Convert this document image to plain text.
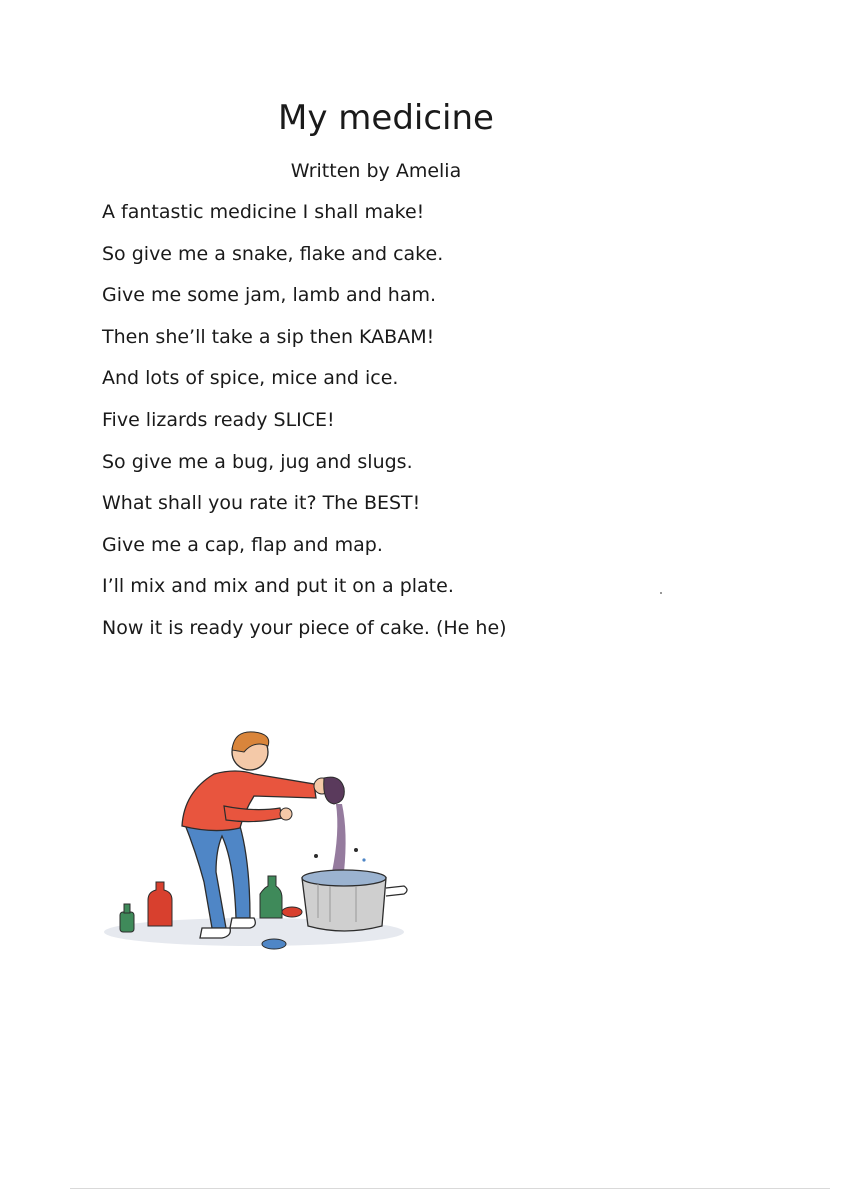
My medicine

Written by Amelia

A fantastic medicine I shall make!
So give me a snake, flake and cake.
Give me some jam, lamb and ham.
Then she’ll take a sip then KABAM!
And lots of spice, mice and ice.
Five lizards ready SLICE!
So give me a bug, jug and slugs.
What shall you rate it? The BEST!
Give me a cap, flap and map.
I’ll mix and mix and put it on a plate.
Now it is ready your piece of cake. (He he)
